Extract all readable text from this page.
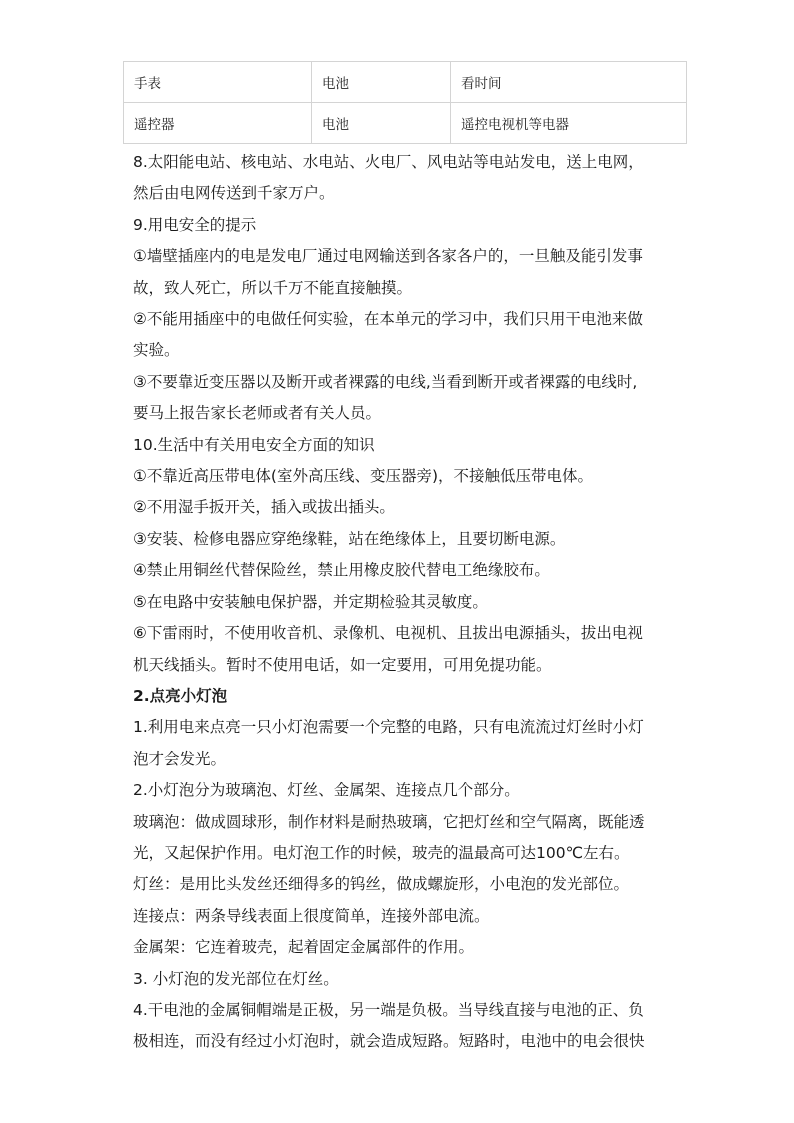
手表	电池	看时间
遥控器	电池	遥控电视机等电器

8.太阳能电站、核电站、水电站、火电厂、风电站等电站发电，送上电网，

然后由电网传送到千家万户。

9.用电安全的提示

①墙壁插座内的电是发电厂通过电网输送到各家各户的，一旦触及能引发事

故，致人死亡，所以千万不能直接触摸。

②不能用插座中的电做任何实验，在本单元的学习中，我们只用干电池来做

实验。

③不要靠近变压器以及断开或者裸露的电线,当看到断开或者裸露的电线时,

要马上报告家长老师或者有关人员。

10.生活中有关用电安全方面的知识

①不靠近高压带电体(室外高压线、变压器旁)，不接触低压带电体。

②不用湿手扳开关，插入或拔出插头。

③安装、检修电器应穿绝缘鞋，站在绝缘体上，且要切断电源。

④禁止用铜丝代替保险丝，禁止用橡皮胶代替电工绝缘胶布。

⑤在电路中安装触电保护器，并定期检验其灵敏度。

⑥下雷雨时，不使用收音机、录像机、电视机、且拔出电源插头，拔出电视

机天线插头。暂时不使用电话，如一定要用，可用免提功能。

2.点亮小灯泡

1.利用电来点亮一只小灯泡需要一个完整的电路，只有电流流过灯丝时小灯

泡才会发光。

2.小灯泡分为玻璃泡、灯丝、金属架、连接点几个部分。

玻璃泡：做成圆球形，制作材料是耐热玻璃，它把灯丝和空气隔离，既能透

光，又起保护作用。电灯泡工作的时候，玻壳的温最高可达100℃左右。

灯丝：是用比头发丝还细得多的钨丝，做成螺旋形，小电泡的发光部位。

连接点：两条导线表面上很度简单，连接外部电流。

金属架：它连着玻壳，起着固定金属部件的作用。

3. 小灯泡的发光部位在灯丝。

4.干电池的金属铜帽端是正极，另一端是负极。当导线直接与电池的正、负

极相连，而没有经过小灯泡时，就会造成短路。短路时，电池中的电会很快
